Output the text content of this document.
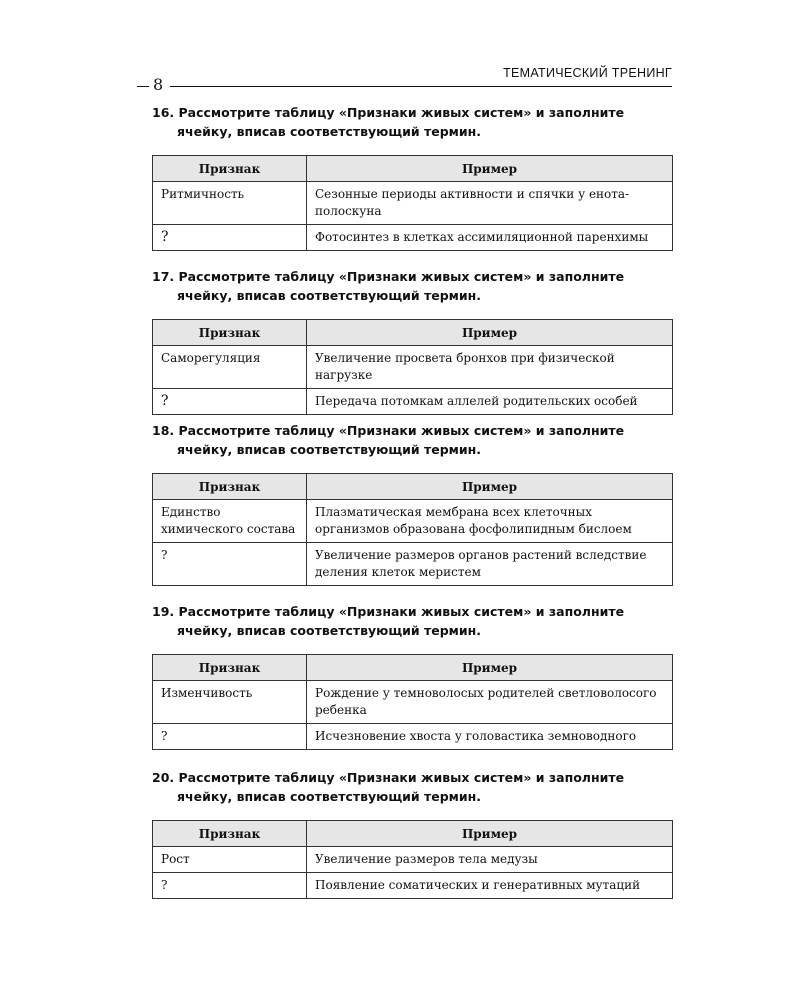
8
ТЕМАТИЧЕСКИЙ ТРЕНИНГ

16. Рассмотрите таблицу «Признаки живых систем» и заполните ячейку, вписав соответствующий термин.

Признак	Пример
Ритмичность	Сезонные периоды активности и спячки у енота-полоскуна
?	Фотосинтез в клетках ассимиляционной паренхимы

17. Рассмотрите таблицу «Признаки живых систем» и заполните ячейку, вписав соответствующий термин.

Признак	Пример
Саморегуляция	Увеличение просвета бронхов при физической нагрузке
?	Передача потомкам аллелей родительских особей

18. Рассмотрите таблицу «Признаки живых систем» и заполните ячейку, вписав соответствующий термин.

Признак	Пример
Единство химического состава	Плазматическая мембрана всех клеточных организмов образована фосфолипидным бислоем
?	Увеличение размеров органов растений вследствие деления клеток меристем

19. Рассмотрите таблицу «Признаки живых систем» и заполните ячейку, вписав соответствующий термин.

Признак	Пример
Изменчивость	Рождение у темноволосых родителей светловолосого ребенка
?	Исчезновение хвоста у головастика земноводного

20. Рассмотрите таблицу «Признаки живых систем» и заполните ячейку, вписав соответствующий термин.

Признак	Пример
Рост	Увеличение размеров тела медузы
?	Появление соматических и генеративных мутаций
